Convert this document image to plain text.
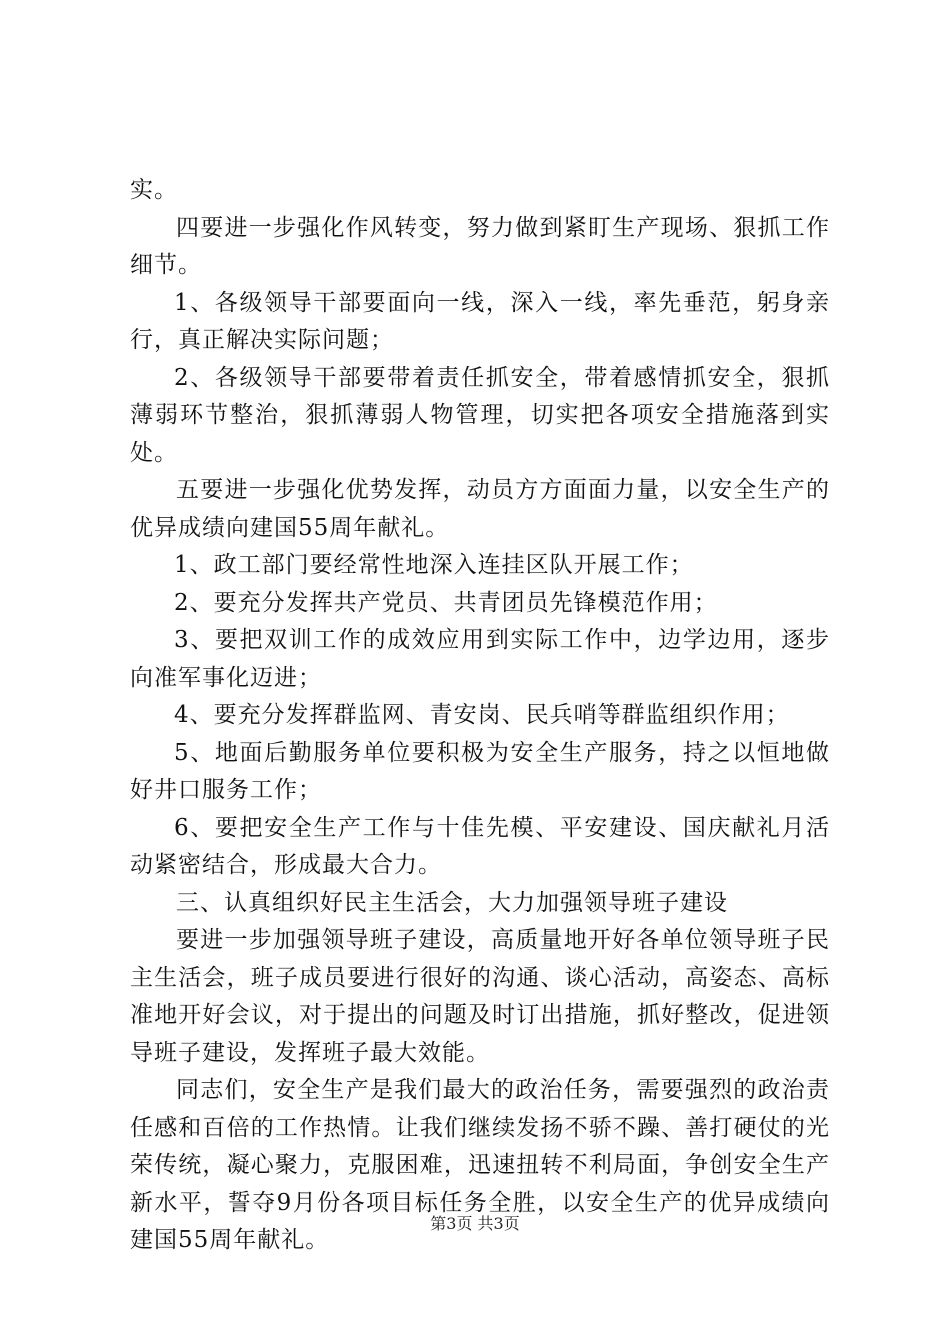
实。

四要进一步强化作风转变，努力做到紧盯生产现场、狠抓工作细节。

1、各级领导干部要面向一线，深入一线，率先垂范，躬身亲行，真正解决实际问题；

2、各级领导干部要带着责任抓安全，带着感情抓安全，狠抓薄弱环节整治，狠抓薄弱人物管理，切实把各项安全措施落到实处。

五要进一步强化优势发挥，动员方方面面力量，以安全生产的优异成绩向建国55周年献礼。

1、政工部门要经常性地深入连挂区队开展工作；

2、要充分发挥共产党员、共青团员先锋模范作用；

3、要把双训工作的成效应用到实际工作中，边学边用，逐步向准军事化迈进；

4、要充分发挥群监网、青安岗、民兵哨等群监组织作用；

5、地面后勤服务单位要积极为安全生产服务，持之以恒地做好井口服务工作；

6、要把安全生产工作与十佳先模、平安建设、国庆献礼月活动紧密结合，形成最大合力。

三、认真组织好民主生活会，大力加强领导班子建设

要进一步加强领导班子建设，高质量地开好各单位领导班子民主生活会，班子成员要进行很好的沟通、谈心活动，高姿态、高标准地开好会议，对于提出的问题及时订出措施，抓好整改，促进领导班子建设，发挥班子最大效能。

同志们，安全生产是我们最大的政治任务，需要强烈的政治责任感和百倍的工作热情。让我们继续发扬不骄不躁、善打硬仗的光荣传统，凝心聚力，克服困难，迅速扭转不利局面，争创安全生产新水平，誓夺9月份各项目标任务全胜，以安全生产的优异成绩向建国55周年献礼。

第3页 共3页
